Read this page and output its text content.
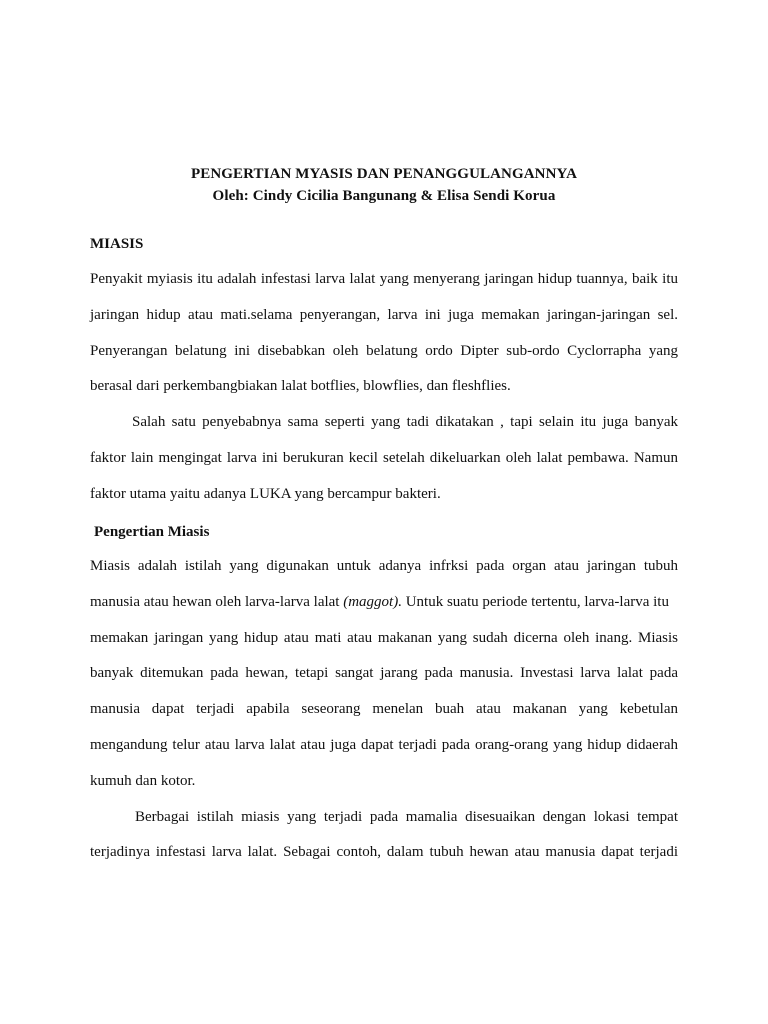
PENGERTIAN MYASIS DAN PENANGGULANGANNYA
Oleh: Cindy Cicilia Bangunang & Elisa Sendi Korua
MIASIS
Penyakit myiasis itu adalah infestasi larva lalat yang menyerang jaringan hidup tuannya, baik itu
jaringan hidup atau mati.selama penyerangan, larva ini juga memakan jaringan-jaringan sel.
Penyerangan belatung ini disebabkan oleh belatung ordo Dipter sub-ordo Cyclorrapha yang
berasal dari perkembangbiakan lalat botflies, blowflies, dan fleshflies.
Salah satu penyebabnya sama seperti yang tadi dikatakan , tapi selain itu juga banyak
faktor lain mengingat larva ini berukuran kecil setelah dikeluarkan oleh lalat pembawa. Namun
faktor utama yaitu adanya LUKA yang bercampur bakteri.
Pengertian Miasis
Miasis adalah istilah yang digunakan untuk adanya infrksi pada organ atau jaringan tubuh
manusia atau hewan oleh larva-larva lalat (maggot). Untuk suatu periode tertentu, larva-larva itu
memakan jaringan yang hidup atau mati atau makanan yang sudah dicerna oleh inang. Miasis
banyak ditemukan pada hewan, tetapi sangat jarang pada manusia. Investasi larva lalat pada
manusia dapat terjadi apabila seseorang menelan buah atau makanan yang kebetulan
mengandung telur atau larva lalat atau juga dapat terjadi pada orang-orang yang hidup didaerah
kumuh dan kotor.
Berbagai istilah miasis yang terjadi pada mamalia disesuaikan dengan lokasi tempat
terjadinya infestasi larva lalat. Sebagai contoh, dalam tubuh hewan atau manusia dapat terjadi
